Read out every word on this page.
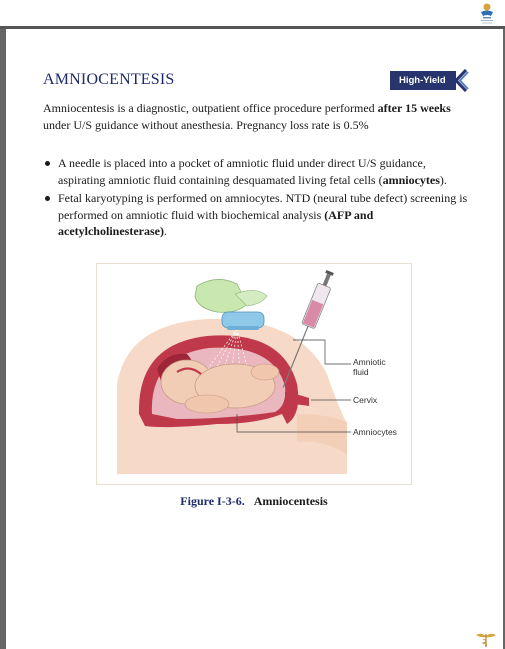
AMNIOCENTESIS	High-Yield
Amniocentesis is a diagnostic, outpatient office procedure performed after 15 weeks under U/S guidance without anesthesia. Pregnancy loss rate is 0.5%
A needle is placed into a pocket of amniotic fluid under direct U/S guidance, aspirating amniotic fluid containing desquamated living fetal cells (amniocytes).
Fetal karyotyping is performed on amniocytes. NTD (neural tube defect) screening is performed on amniotic fluid with biochemical analysis (AFP and acetylcholinesterase).
Amniotic fluid
Cervix
Amniocytes
Figure I-3-6. Amniocentesis
